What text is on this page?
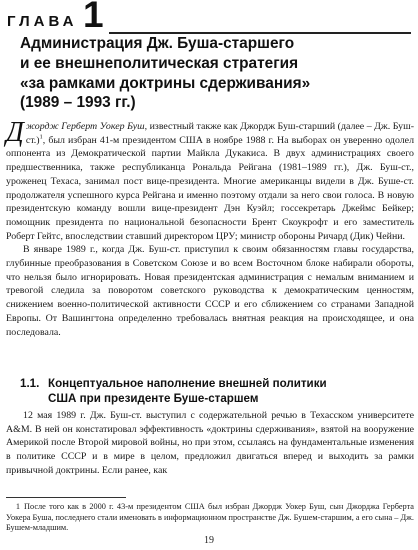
ГЛАВА 1
Администрация Дж. Буша-старшего
и ее внешнеполитическая стратегия
«за рамками доктрины сдерживания»
(1989 – 1993 гг.)

Джордж Герберт Уокер Буш, известный также как Джордж Буш-старший (далее – Дж. Буш-ст.)$^1$, был избран 41-м президентом США в ноябре 1988 г. На выборах он уверенно одолел оппонента из Демократической партии Майкла Дукакиса. В двух администрациях своего предшественника, также республиканца Рональда Рейгана (1981–1989 гг.), Дж. Буш-ст., уроженец Техаса, занимал пост вице-президента. Многие американцы видели в Дж. Буше-ст. продолжателя успешного курса Рейгана и именно поэтому отдали за него свои голоса. В новую президентскую команду вошли вице-президент Дэн Куэйл; госсекретарь Джеймс Бейкер; помощник президента по национальной безопасности Брент Скоукрофт и его заместитель Роберт Гейтс, впоследствии ставший директором ЦРУ; министр обороны Ричард (Дик) Чейни.

В январе 1989 г., когда Дж. Буш-ст. приступил к своим обязанностям главы государства, глубинные преобразования в Советском Союзе и во всем Восточном блоке набирали обороты, что нельзя было игнорировать. Новая президентская администрация с немалым вниманием и тревогой следила за поворотом советского руководства к демократическим ценностям, снижением военно-политической активности СССР и его сближением со странами Западной Европы. От Вашингтона определенно требовалась внятная реакция на происходящее, и она последовала.

1.1. Концептуальное наполнение внешней политики
США при президенте Буше-старшем

12 мая 1989 г. Дж. Буш-ст. выступил с содержательной речью в Техасском университете A&M. В ней он констатировал эффективность «доктрины сдерживания», взятой на вооружение Америкой после Второй мировой войны, но при этом, ссылаясь на фундаментальные изменения в политике СССР и в мире в целом, предложил двигаться вперед и выходить за рамки привычной доктрины. Если ранее, как

1 После того как в 2000 г. 43-м президентом США был избран Джордж Уокер Буш, сын Джорджа Герберта Уокера Буша, последнего стали именовать в информационном пространстве Дж. Бушем-старшим, а его сына – Дж. Бушем-младшим.

19
